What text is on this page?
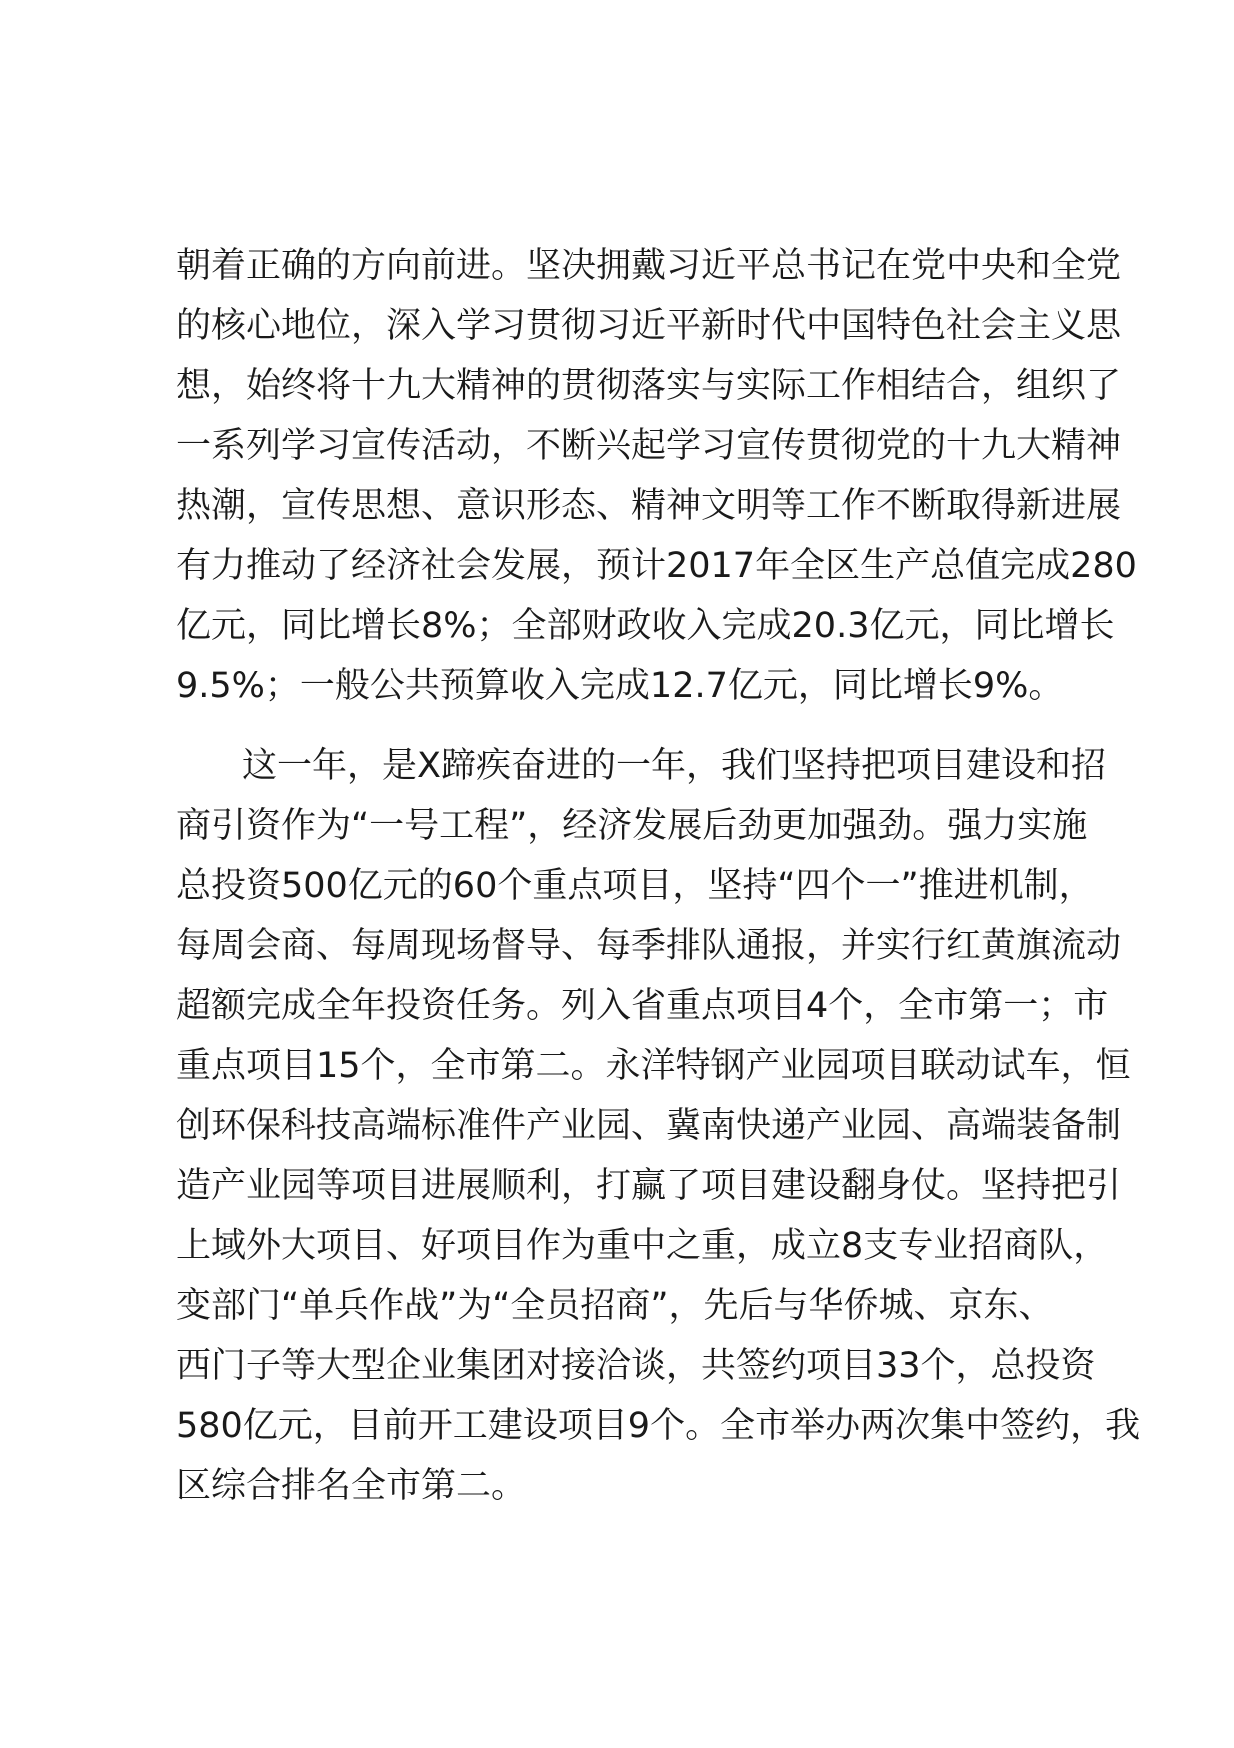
朝着正确的方向前进。坚决拥戴习近平总书记在党中央和全党
的核心地位，深入学习贯彻习近平新时代中国特色社会主义思
想，始终将十九大精神的贯彻落实与实际工作相结合，组织了
一系列学习宣传活动，不断兴起学习宣传贯彻党的十九大精神
热潮，宣传思想、意识形态、精神文明等工作不断取得新进展
有力推动了经济社会发展，预计2017年全区生产总值完成280
亿元，同比增长8%；全部财政收入完成20.3亿元，同比增长
9.5%；一般公共预算收入完成12.7亿元，同比增长9%。
这一年，是X蹄疾奋进的一年，我们坚持把项目建设和招
商引资作为“一号工程”，经济发展后劲更加强劲。强力实施
总投资500亿元的60个重点项目，坚持“四个一”推进机制，
每周会商、每周现场督导、每季排队通报，并实行红黄旗流动
超额完成全年投资任务。列入省重点项目4个，全市第一；市
重点项目15个，全市第二。永洋特钢产业园项目联动试车，恒
创环保科技高端标准件产业园、冀南快递产业园、高端装备制
造产业园等项目进展顺利，打赢了项目建设翻身仗。坚持把引
上域外大项目、好项目作为重中之重，成立8支专业招商队，
变部门“单兵作战”为“全员招商”，先后与华侨城、京东、
西门子等大型企业集团对接洽谈，共签约项目33个，总投资
580亿元，目前开工建设项目9个。全市举办两次集中签约，我
区综合排名全市第二。
